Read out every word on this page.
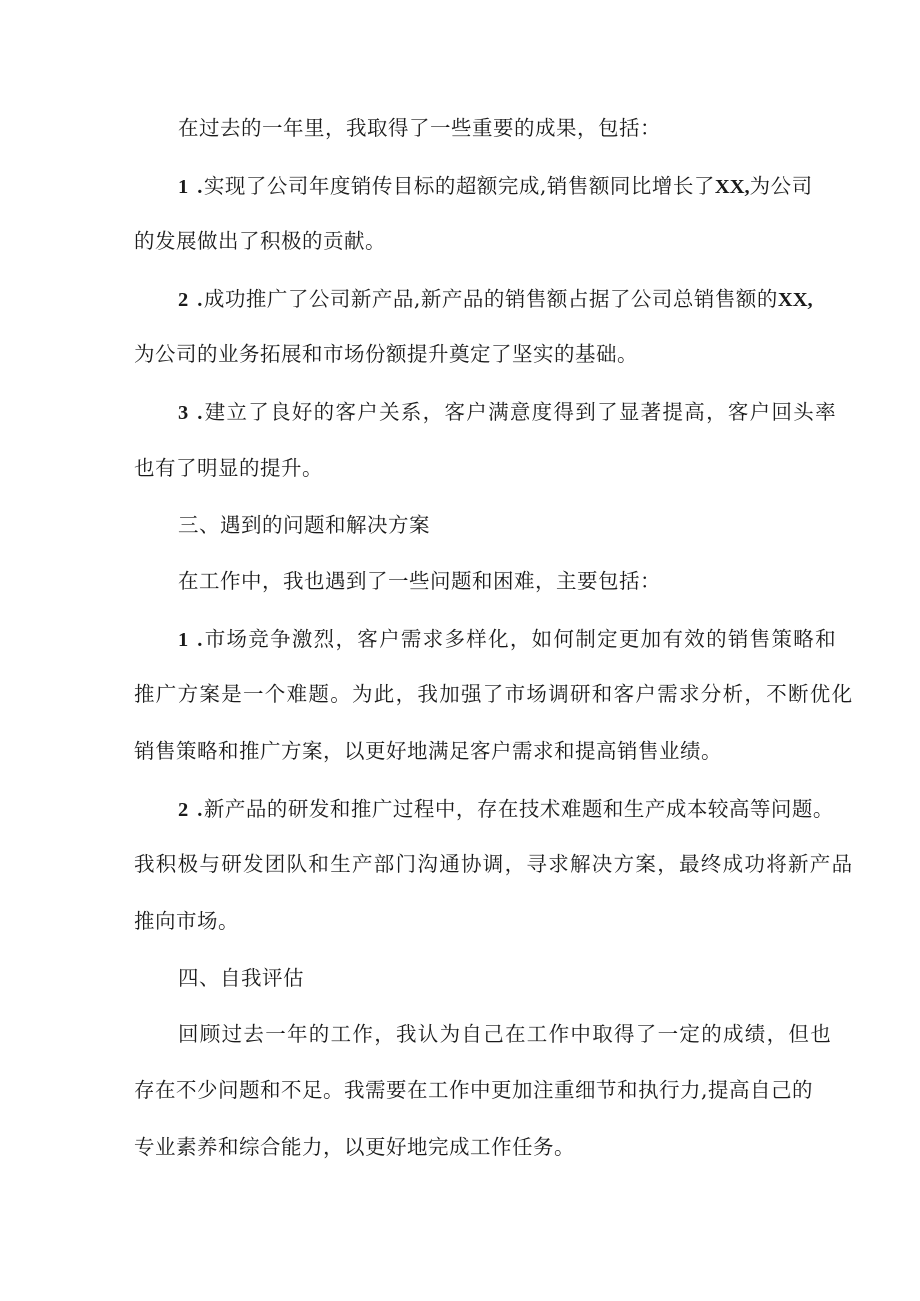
在过去的一年里，我取得了一些重要的成果，包括：
1 .实现了公司年度销传目标的超额完成,销售额同比增长了XX,为公司
的发展做出了积极的贡献。
2 .成功推广了公司新产品,新产品的销售额占据了公司总销售额的XX,
为公司的业务拓展和市场份额提升奠定了坚实的基础。
3 .建立了良好的客户关系，客户满意度得到了显著提高，客户回头率
也有了明显的提升。
三、遇到的问题和解决方案
在工作中，我也遇到了一些问题和困难，主要包括：
1 .市场竞争激烈，客户需求多样化，如何制定更加有效的销售策略和
推广方案是一个难题。为此，我加强了市场调研和客户需求分析，不断优化
销售策略和推广方案，以更好地满足客户需求和提高销售业绩。
2 .新产品的研发和推广过程中，存在技术难题和生产成本较高等问题。
我积极与研发团队和生产部门沟通协调，寻求解决方案，最终成功将新产品
推向市场。
四、自我评估
回顾过去一年的工作，我认为自己在工作中取得了一定的成绩，但也
存在不少问题和不足。我需要在工作中更加注重细节和执行力,提高自己的
专业素养和综合能力，以更好地完成工作任务。
